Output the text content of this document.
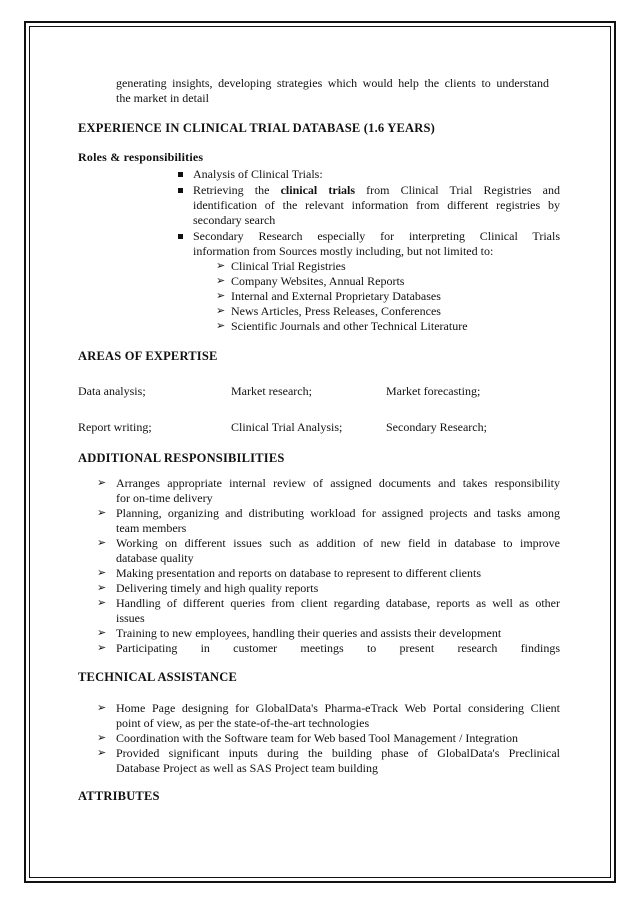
generating insights, developing strategies which would help the clients to understand
the market in detail
EXPERIENCE IN CLINICAL TRIAL DATABASE (1.6 YEARS)
Roles & responsibilities
Analysis of Clinical Trials:
Retrieving the clinical trials from Clinical Trial Registries and
identification of the relevant information from different registries by
secondary search
Secondary Research especially for interpreting Clinical Trials
information from Sources mostly including, but not limited to:
➢ Clinical Trial Registries
➢ Company Websites, Annual Reports
➢ Internal and External Proprietary Databases
➢ News Articles, Press Releases, Conferences
➢ Scientific Journals and other Technical Literature
AREAS OF EXPERTISE
Data analysis;	Market research;	Market forecasting;
Report writing;	Clinical Trial Analysis;	Secondary Research;
ADDITIONAL RESPONSIBILITIES
➢ Arranges appropriate internal review of assigned documents and takes responsibility
for on-time delivery
➢ Planning, organizing and distributing workload for assigned projects and tasks among
team members
➢ Working on different issues such as addition of new field in database to improve
database quality
➢ Making presentation and reports on database to represent to different clients
➢ Delivering timely and high quality reports
➢ Handling of different queries from client regarding database, reports as well as other
issues
➢ Training to new employees, handling their queries and assists their development
➢ Participating in customer meetings to present research findings
TECHNICAL ASSISTANCE
➢ Home Page designing for GlobalData's Pharma-eTrack Web Portal considering Client
point of view, as per the state-of-the-art technologies
➢ Coordination with the Software team for Web based Tool Management / Integration
➢ Provided significant inputs during the building phase of GlobalData's Preclinical
Database Project as well as SAS Project team building
ATTRIBUTES
